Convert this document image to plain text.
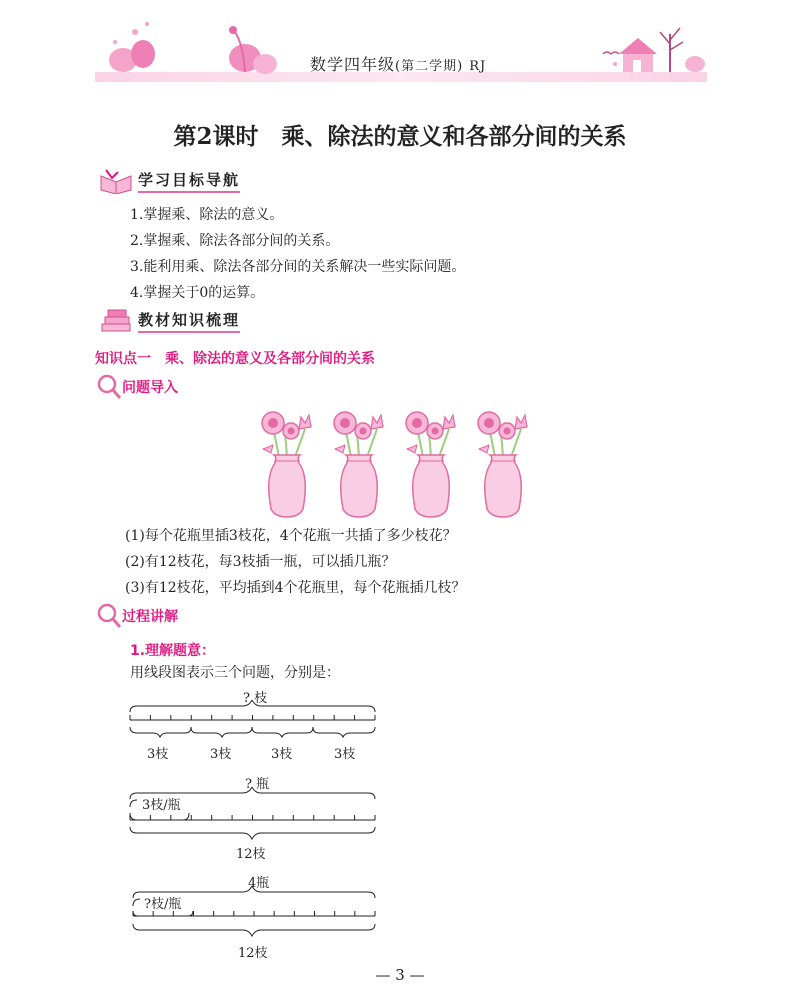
数学四年级(第二学期) RJ
第2课时　乘、除法的意义和各部分间的关系
学习目标导航
1.掌握乘、除法的意义。
2.掌握乘、除法各部分间的关系。
3.能利用乘、除法各部分间的关系解决一些实际问题。
4.掌握关于0的运算。
教材知识梳理
知识点一　乘、除法的意义及各部分间的关系
问题导入
(1)每个花瓶里插3枝花，4个花瓶一共插了多少枝花？
(2)有12枝花，每3枝插一瓶，可以插几瓶？
(3)有12枝花，平均插到4个花瓶里，每个花瓶插几枝？
过程讲解
1.理解题意：
用线段图表示三个问题，分别是：
? 枝
3枝	3枝	3枝	3枝
? 瓶
3枝/瓶
12枝
4瓶
?枝/瓶
12枝
— 3 —
